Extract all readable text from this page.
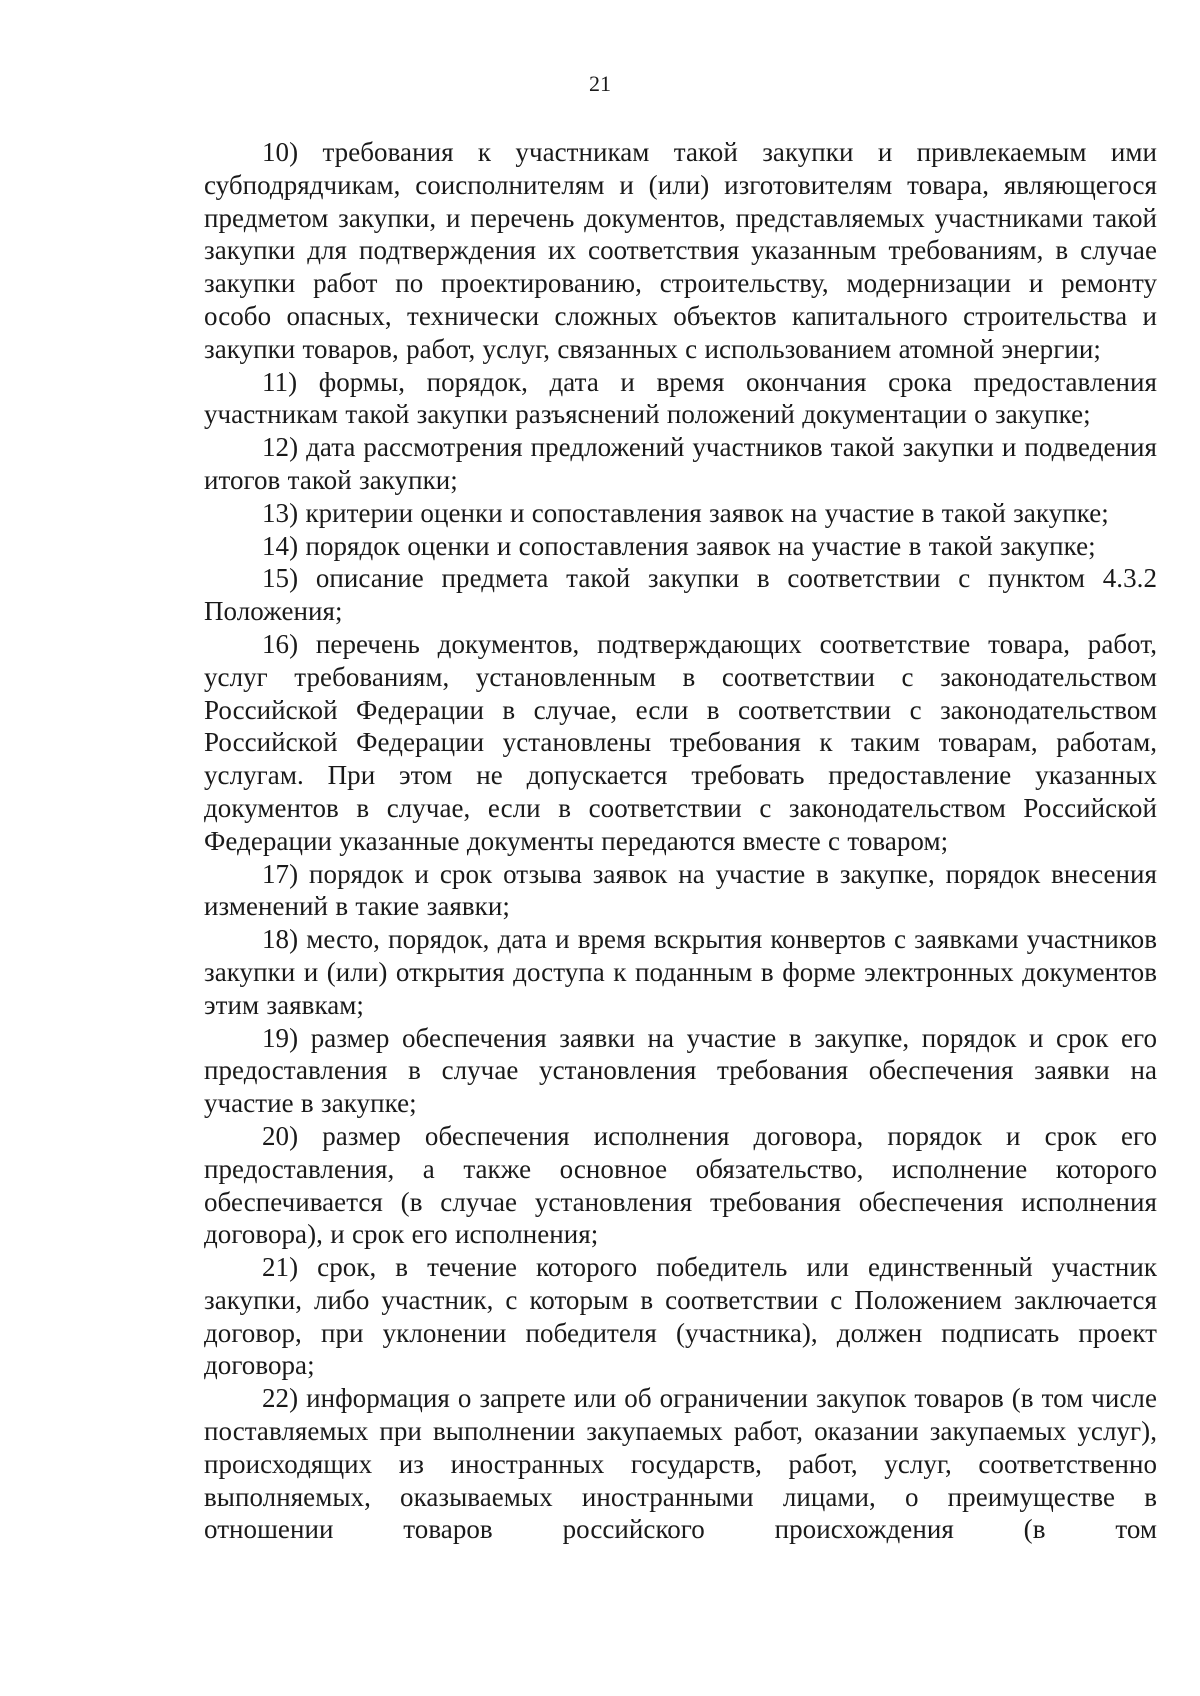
21

10) требования к участникам такой закупки и привлекаемым ими субподрядчикам, соисполнителям и (или) изготовителям товара, являющегося предметом закупки, и перечень документов, представляемых участниками такой закупки для подтверждения их соответствия указанным требованиям, в случае закупки работ по проектированию, строительству, модернизации и ремонту особо опасных, технически сложных объектов капитального строительства и закупки товаров, работ, услуг, связанных с использованием атомной энергии;

11) формы, порядок, дата и время окончания срока предоставления участникам такой закупки разъяснений положений документации о закупке;

12) дата рассмотрения предложений участников такой закупки и подведения итогов такой закупки;

13) критерии оценки и сопоставления заявок на участие в такой закупке;

14) порядок оценки и сопоставления заявок на участие в такой закупке;

15) описание предмета такой закупки в соответствии с пунктом 4.3.2 Положения;

16) перечень документов, подтверждающих соответствие товара, работ, услуг требованиям, установленным в соответствии с законодательством Российской Федерации в случае, если в соответствии с законодательством Российской Федерации установлены требования к таким товарам, работам, услугам. При этом не допускается требовать предоставление указанных документов в случае, если в соответствии с законодательством Российской Федерации указанные документы передаются вместе с товаром;

17) порядок и срок отзыва заявок на участие в закупке, порядок внесения изменений в такие заявки;

18) место, порядок, дата и время вскрытия конвертов с заявками участников закупки и (или) открытия доступа к поданным в форме электронных документов этим заявкам;

19) размер обеспечения заявки на участие в закупке, порядок и срок его предоставления в случае установления требования обеспечения заявки на участие в закупке;

20) размер обеспечения исполнения договора, порядок и срок его предоставления, а также основное обязательство, исполнение которого обеспечивается (в случае установления требования обеспечения исполнения договора), и срок его исполнения;

21) срок, в течение которого победитель или единственный участник закупки, либо участник, с которым в соответствии с Положением заключается договор, при уклонении победителя (участника), должен подписать проект договора;

22) информация о запрете или об ограничении закупок товаров (в том числе поставляемых при выполнении закупаемых работ, оказании закупаемых услуг), происходящих из иностранных государств, работ, услуг, соответственно выполняемых, оказываемых иностранными лицами, о преимуществе в отношении товаров российского происхождения (в том
